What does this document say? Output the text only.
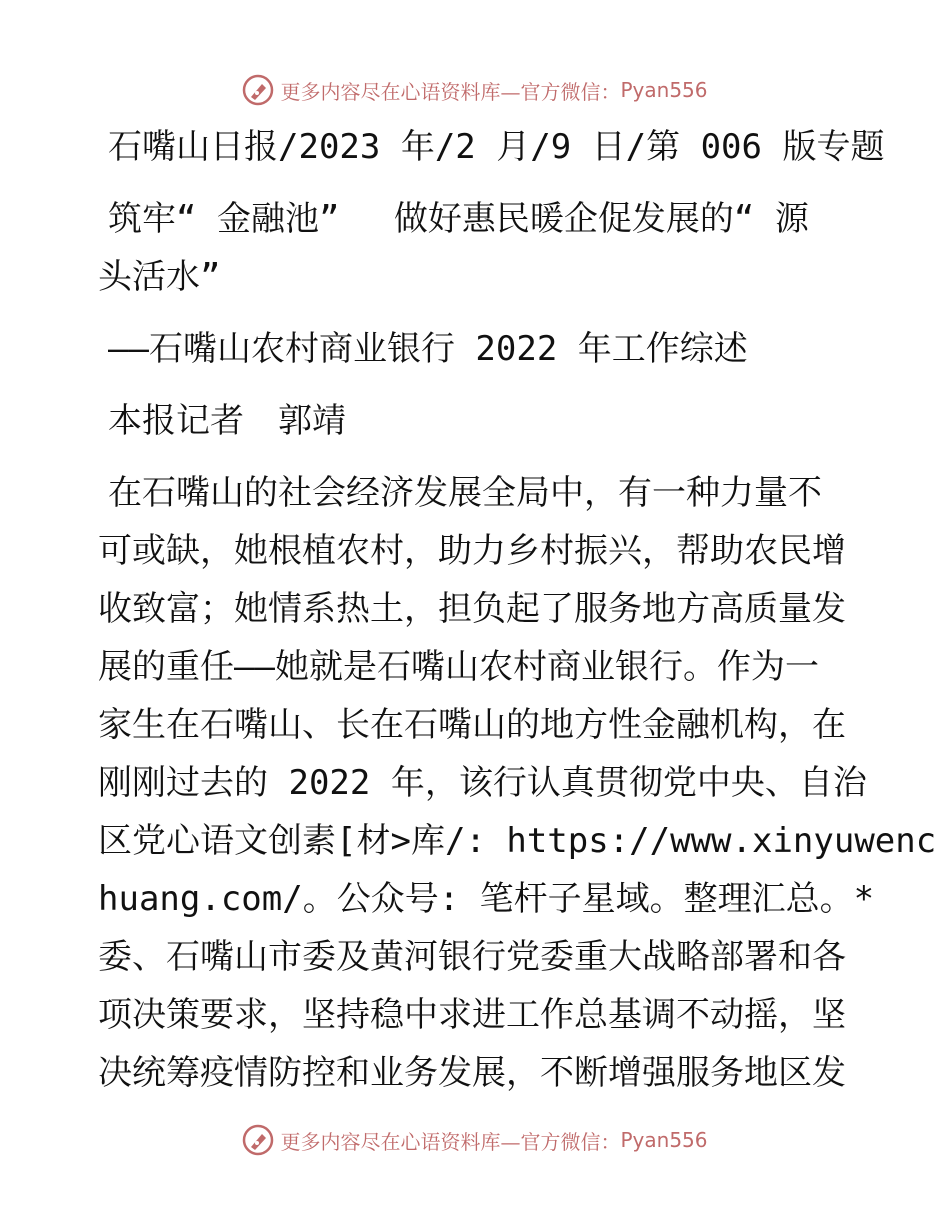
更多内容尽在心语资料库—官方微信： Pyan556
石嘴山日报/2023 年/2 月/9 日/第 006 版专题
筑牢“ 金融池”　 做好惠民暖企促发展的“ 源
头活水”
——石嘴山农村商业银行 2022 年工作综述
本报记者　郭靖
在石嘴山的社会经济发展全局中，有一种力量不
可或缺，她根植农村，助力乡村振兴，帮助农民增
收致富；她情系热土，担负起了服务地方高质量发
展的重任——她就是石嘴山农村商业银行。作为一
家生在石嘴山、长在石嘴山的地方性金融机构，在
刚刚过去的 2022 年，该行认真贯彻党中央、自治
区党心语文创素[材>库/: https://www.xinyuwenc
huang.com/。公众号: 笔杆子星域。整理汇总。*
委、石嘴山市委及黄河银行党委重大战略部署和各
项决策要求，坚持稳中求进工作总基调不动摇，坚
决统筹疫情防控和业务发展，不断增强服务地区发
更多内容尽在心语资料库—官方微信： Pyan556
